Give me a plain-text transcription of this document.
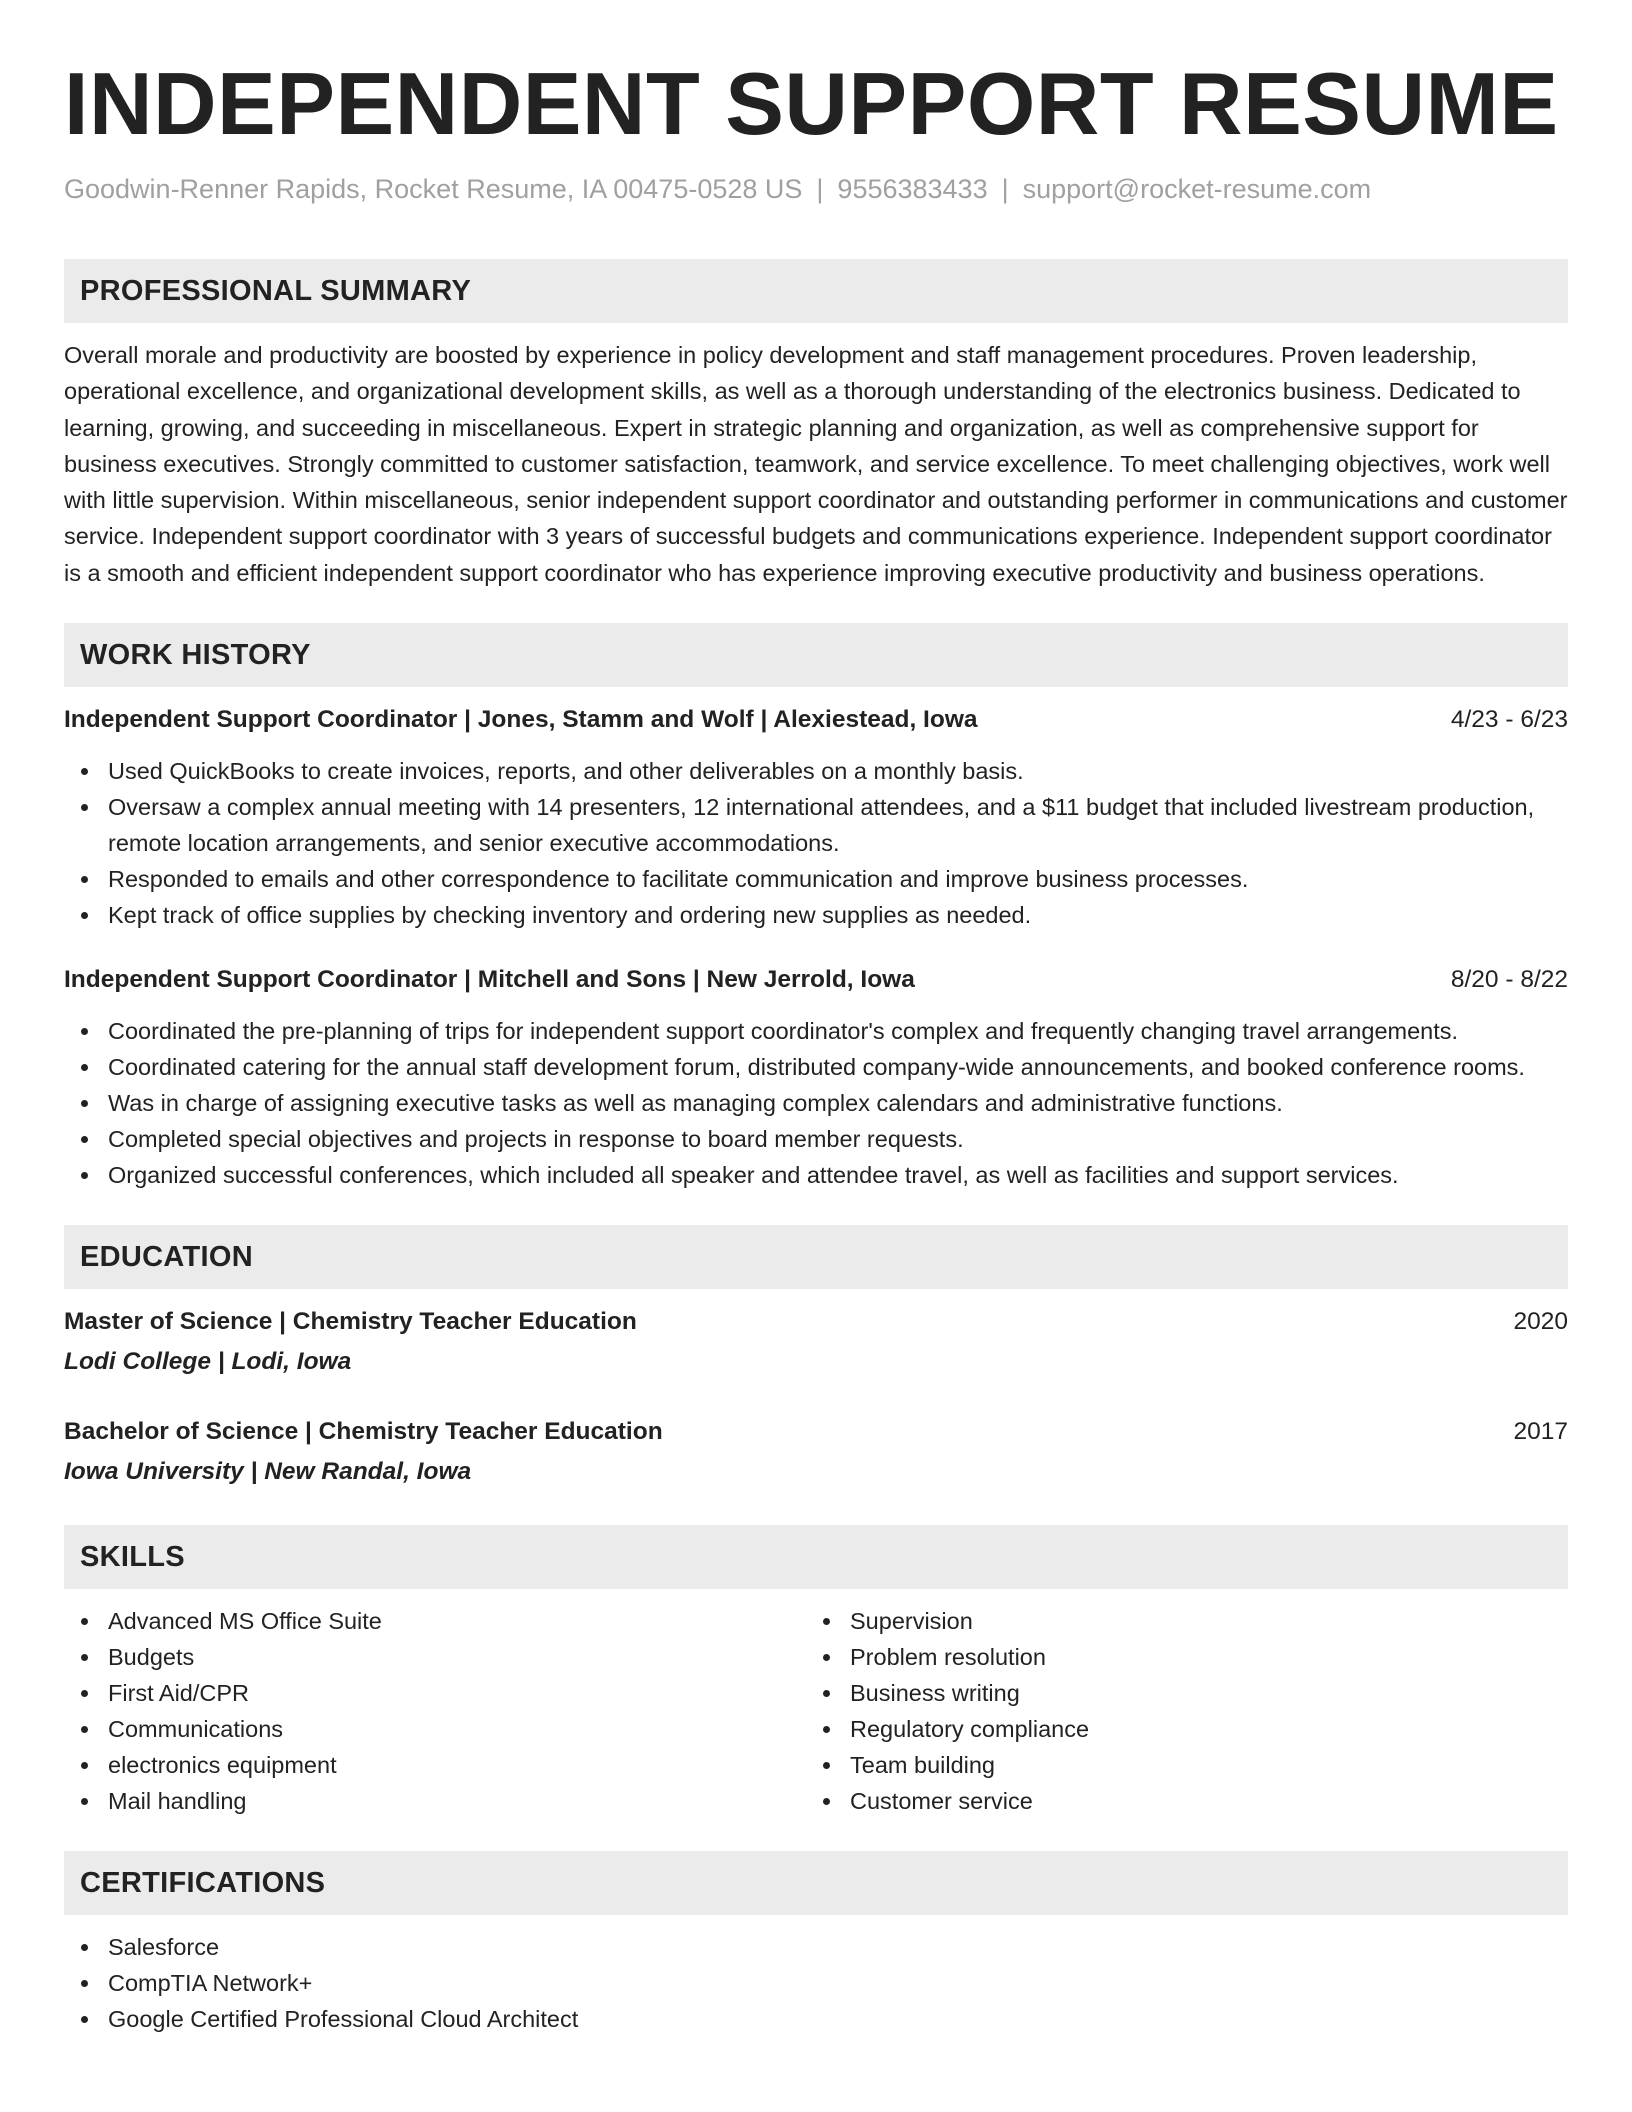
INDEPENDENT SUPPORT RESUME
Goodwin-Renner Rapids, Rocket Resume, IA 00475-0528 US | 9556383433 | support@rocket-resume.com
PROFESSIONAL SUMMARY

Overall morale and productivity are boosted by experience in policy development and staff management procedures. Proven leadership, operational excellence, and organizational development skills, as well as a thorough understanding of the electronics business. Dedicated to learning, growing, and succeeding in miscellaneous. Expert in strategic planning and organization, as well as comprehensive support for business executives. Strongly committed to customer satisfaction, teamwork, and service excellence. To meet challenging objectives, work well with little supervision. Within miscellaneous, senior independent support coordinator and outstanding performer in communications and customer service. Independent support coordinator with 3 years of successful budgets and communications experience. Independent support coordinator is a smooth and efficient independent support coordinator who has experience improving executive productivity and business operations.

WORK HISTORY
Independent Support Coordinator | Jones, Stamm and Wolf | Alexiestead, Iowa	4/23 - 6/23
Used QuickBooks to create invoices, reports, and other deliverables on a monthly basis.
Oversaw a complex annual meeting with 14 presenters, 12 international attendees, and a $11 budget that included livestream production, remote location arrangements, and senior executive accommodations.
Responded to emails and other correspondence to facilitate communication and improve business processes.
Kept track of office supplies by checking inventory and ordering new supplies as needed.
Independent Support Coordinator | Mitchell and Sons | New Jerrold, Iowa	8/20 - 8/22
Coordinated the pre-planning of trips for independent support coordinator's complex and frequently changing travel arrangements.
Coordinated catering for the annual staff development forum, distributed company-wide announcements, and booked conference rooms.
Was in charge of assigning executive tasks as well as managing complex calendars and administrative functions.
Completed special objectives and projects in response to board member requests.
Organized successful conferences, which included all speaker and attendee travel, as well as facilities and support services.
EDUCATION
Master of Science | Chemistry Teacher Education	2020
Lodi College | Lodi, Iowa
Bachelor of Science | Chemistry Teacher Education	2017
Iowa University | New Randal, Iowa
SKILLS
Advanced MS Office Suite
Budgets
First Aid/CPR
Communications
electronics equipment
Mail handling
Supervision
Problem resolution
Business writing
Regulatory compliance
Team building
Customer service
CERTIFICATIONS
Salesforce
CompTIA Network+
Google Certified Professional Cloud Architect
